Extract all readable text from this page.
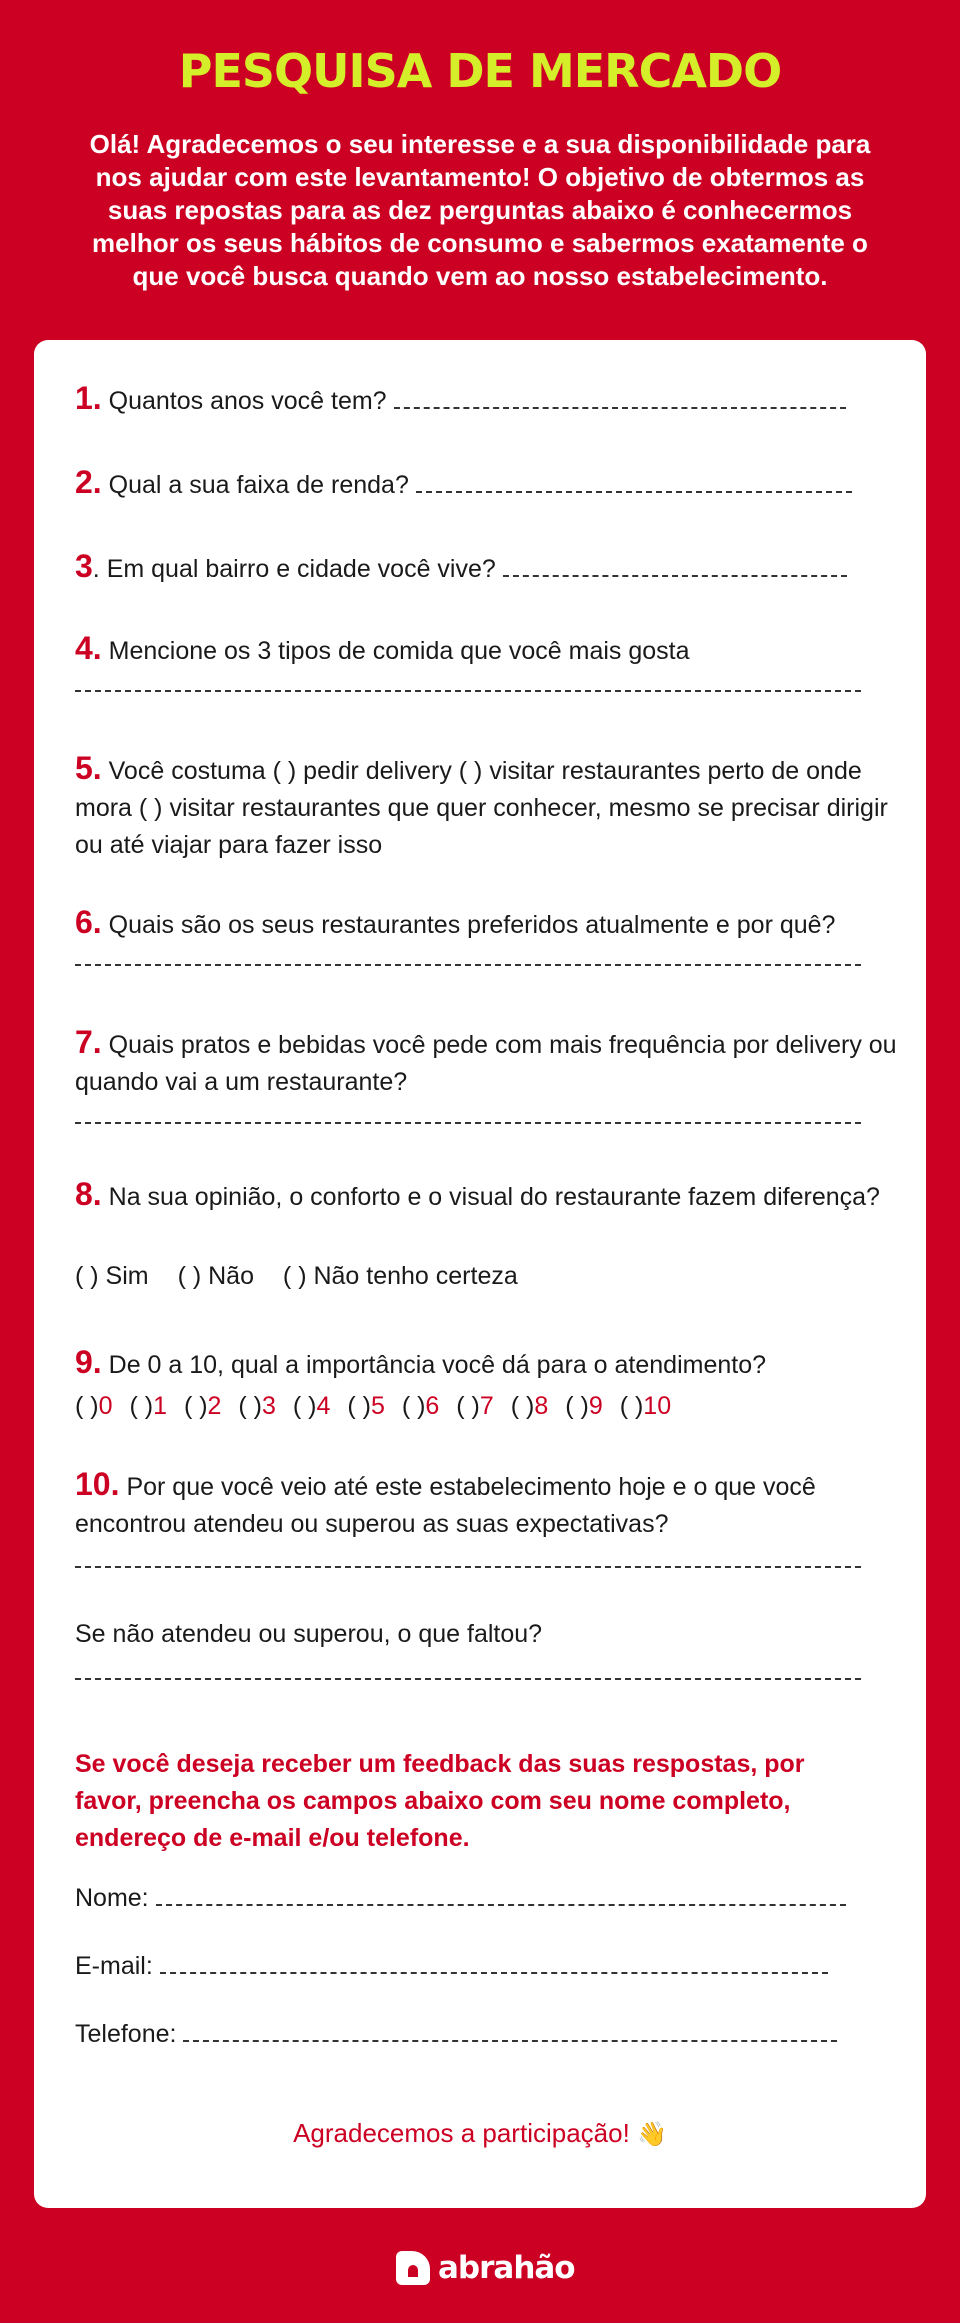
PESQUISA DE MERCADO
Olá! Agradecemos o seu interesse e a sua disponibilidade para nos ajudar com este levantamento! O objetivo de obtermos as suas repostas para as dez perguntas abaixo é conhecermos melhor os seus hábitos de consumo e sabermos exatamente o que você busca quando vem ao nosso estabelecimento.
1. Quantos anos você tem?
2. Qual a sua faixa de renda?
3. Em qual bairro e cidade você vive?
4. Mencione os 3 tipos de comida que você mais gosta
5. Você costuma ( ) pedir delivery ( ) visitar restaurantes perto de onde mora ( ) visitar restaurantes que quer conhecer, mesmo se precisar dirigir ou até viajar para fazer isso
6. Quais são os seus restaurantes preferidos atualmente e por quê?
7. Quais pratos e bebidas você pede com mais frequência por delivery ou quando vai a um restaurante?
8. Na sua opinião, o conforto e o visual do restaurante fazem diferença?
( ) Sim ( ) Não ( ) Não tenho certeza
9. De 0 a 10, qual a importância você dá para o atendimento?
( )0 ( )1 ( )2 ( )3 ( )4 ( )5 ( )6 ( )7 ( )8 ( )9 ( )10
10. Por que você veio até este estabelecimento hoje e o que você encontrou atendeu ou superou as suas expectativas?
Se não atendeu ou superou, o que faltou?
Se você deseja receber um feedback das suas respostas, por favor, preencha os campos abaixo com seu nome completo, endereço de e-mail e/ou telefone.
Nome:
E-mail:
Telefone:
Agradecemos a participação! 👋
abrahão
